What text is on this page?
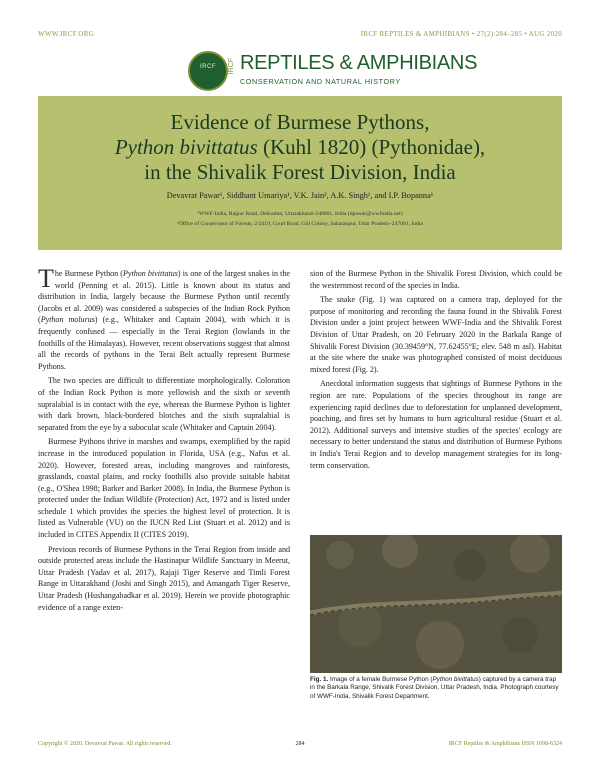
WWW.IRCF.ORG	IRCF REPTILES & AMPHIBIANS • 27(2):284–285 • AUG 2020
IRCF	IRCF REPTILES & AMPHIBIANS
CONSERVATION AND NATURAL HISTORY
Evidence of Burmese Pythons,
Python bivittatus (Kuhl 1820) (Pythonidae),
in the Shivalik Forest Division, India
Devavrat Pawar¹, Siddhant Umariya¹, V.K. Jain², A.K. Singh¹, and I.P. Bopanna¹
¹WWF-India, Rajpur Road, Dehradun, Uttarakhand–248001, India (dpawar@wwfindia.net)
²Office of Conservator of Forests, 2/2419, Court Road, Gill Colony, Saharanpur, Uttar Pradesh–247001, India

The Burmese Python (Python bivittatus) is one of the largest snakes in the world (Penning et al. 2015). Little is known about its status and distribution in India, largely because the Burmese Python until recently (Jacobs et al. 2009) was considered a subspecies of the Indian Rock Python (Python molurus) (e.g., Whitaker and Captain 2004), with which it is frequently confused — especially in the Terai Region (lowlands in the foothills of the Himalayas). However, recent observations suggest that almost all the records of pythons in the Terai Belt actually represent Burmese Pythons.

The two species are difficult to differentiate morphologically. Coloration of the Indian Rock Python is more yellowish and the sixth or seventh supralabial is in contact with the eye, whereas the Burmese Python is lighter with dark brown, black-bordered blotches and the sixth supralabial is separated from the eye by a subocular scale (Whitaker and Captain 2004).

Burmese Pythons thrive in marshes and swamps, exemplified by the rapid increase in the introduced population in Florida, USA (e.g., Nafus et al. 2020). However, forested areas, including mangroves and rainforests, grasslands, coastal plains, and rocky foothills also provide suitable habitat (e.g., O'Shea 1998; Barker and Barker 2008). In India, the Burmese Python is protected under the Indian Wildlife (Protection) Act, 1972 and is listed under schedule 1 which provides the species the highest level of protection. It is listed as Vulnerable (VU) on the IUCN Red List (Stuart et al. 2012) and is included in CITES Appendix II (CITES 2019).

Previous records of Burmese Pythons in the Terai Region from inside and outside protected areas include the Hastinapur Wildlife Sanctuary in Meerut, Uttar Pradesh (Yadav et al. 2017), Rajaji Tiger Reserve and Timli Forest Range in Uttarakhand (Joshi and Singh 2015), and Amangarh Tiger Reserve, Uttar Pradesh (Hushangabadkar et al. 2019). Herein we provide photographic evidence of a range exten-

sion of the Burmese Python in the Shivalik Forest Division, which could be the westernmost record of the species in India.

The snake (Fig. 1) was captured on a camera trap, deployed for the purpose of monitoring and recording the fauna found in the Shivalik Forest Division under a joint project between WWF-India and the Shivalik Forest Division of Uttar Pradesh, on 20 February 2020 in the Barkala Range of Shivalik Forest Division (30.39459°N, 77.62455°E; elev. 548 m asl). Habitat at the site where the snake was photographed consisted of moist deciduous mixed forest (Fig. 2).

Anecdotal information suggests that sightings of Burmese Pythons in the region are rare. Populations of the species throughout its range are experiencing rapid declines due to deforestation for unplanned development, poaching, and fires set by humans to burn agricultural residue (Stuart et al. 2012). Additional surveys and intensive studies of the species' ecology are necessary to better understand the status and distribution of Burmese Pythons in India's Terai Region and to develop management strategies for its long-term conservation.

Fig. 1. Image of a female Burmese Python (Python bivittatus) captured by a camera trap in the Barkala Range, Shivalik Forest Division, Uttar Pradesh, India. Photograph courtesy of WWF-India, Shivalik Forest Department.
Copyright © 2020. Devavrat Pawar. All rights reserved.	284	IRCF Reptiles & Amphibians ISSN 1098-6324
